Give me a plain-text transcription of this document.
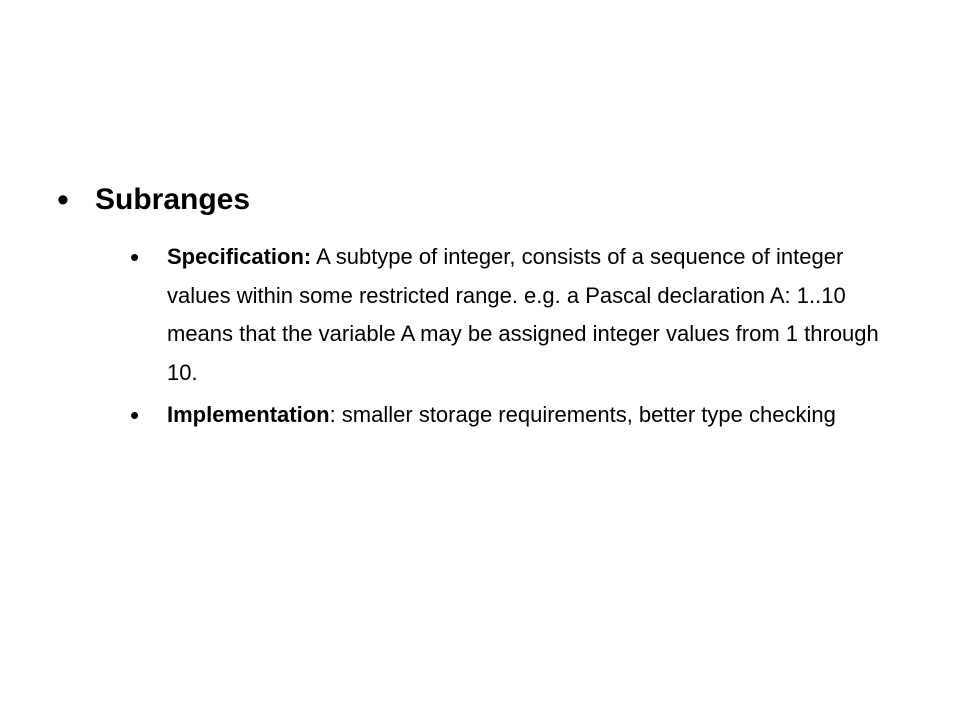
• Subranges
• Specification: A subtype of integer, consists of a sequence of integer values within some restricted range. e.g. a Pascal declaration A: 1..10 means that the variable A may be assigned integer values from 1 through 10.
• Implementation: smaller storage requirements, better type checking
